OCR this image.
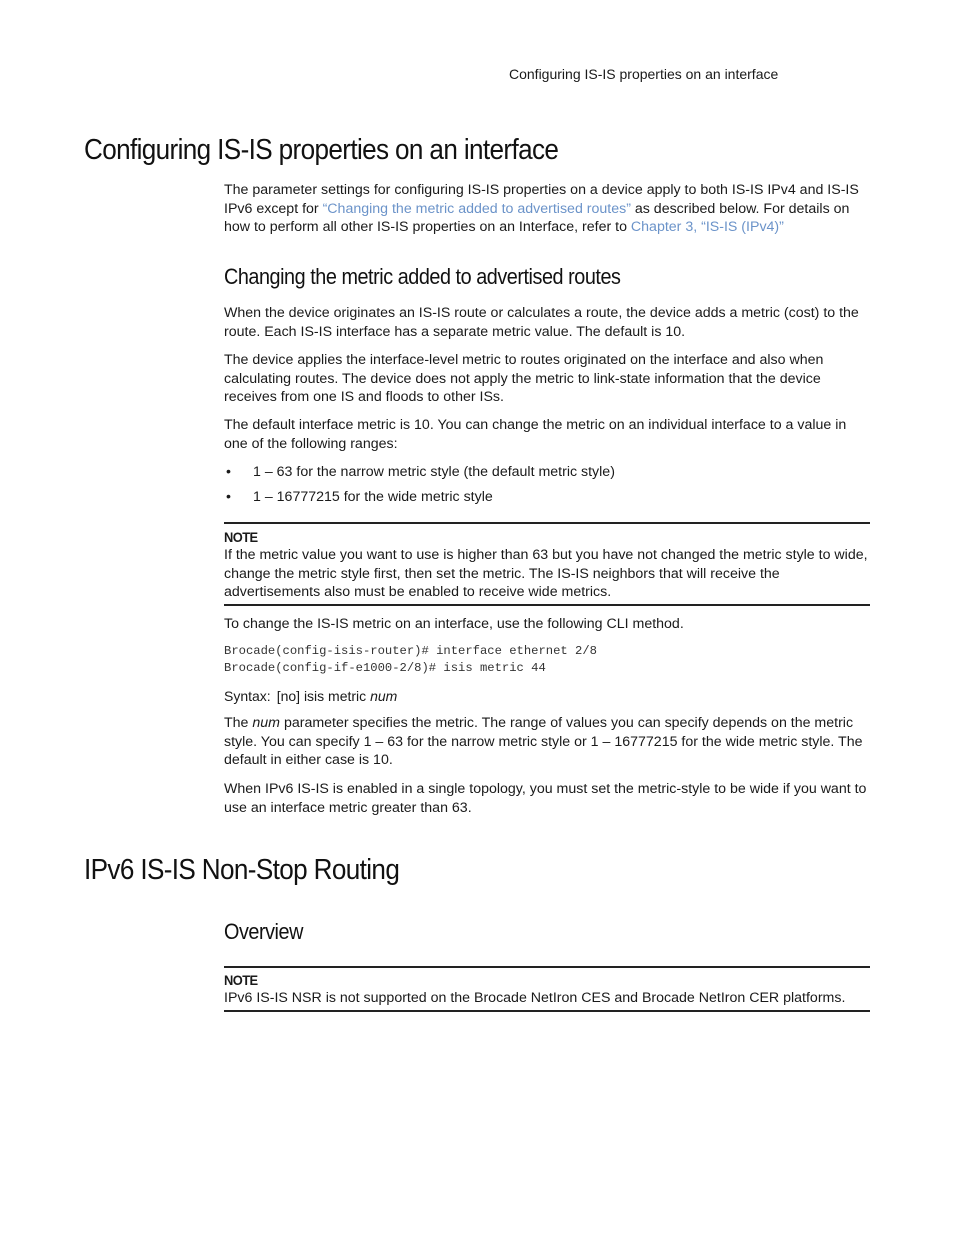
Configuring IS-IS properties on an interface
Configuring IS-IS properties on an interface

The parameter settings for configuring IS-IS properties on a device apply to both IS-IS IPv4 and IS-IS IPv6 except for “Changing the metric added to advertised routes” as described below. For details on how to perform all other IS-IS properties on an Interface, refer to Chapter 3, “IS-IS (IPv4)”

Changing the metric added to advertised routes

When the device originates an IS-IS route or calculates a route, the device adds a metric (cost) to the route. Each IS-IS interface has a separate metric value. The default is 10.

The device applies the interface-level metric to routes originated on the interface and also when calculating routes. The device does not apply the metric to link-state information that the device receives from one IS and floods to other ISs.

The default interface metric is 10. You can change the metric on an individual interface to a value in one of the following ranges:

• 1 – 63 for the narrow metric style (the default metric style)
• 1 – 16777215 for the wide metric style
NOTE
If the metric value you want to use is higher than 63 but you have not changed the metric style to wide, change the metric style first, then set the metric. The IS-IS neighbors that will receive the advertisements also must be enabled to receive wide metrics.

To change the IS-IS metric on an interface, use the following CLI method.

Brocade(config-isis-router)# interface ethernet 2/8
Brocade(config-if-e1000-2/8)# isis metric 44
Syntax: [no] isis metric num

The num parameter specifies the metric. The range of values you can specify depends on the metric style. You can specify 1 – 63 for the narrow metric style or 1 – 16777215 for the wide metric style. The default in either case is 10.

When IPv6 IS-IS is enabled in a single topology, you must set the metric-style to be wide if you want to use an interface metric greater than 63.

IPv6 IS-IS Non-Stop Routing
Overview
NOTE
IPv6 IS-IS NSR is not supported on the Brocade NetIron CES and Brocade NetIron CER platforms.
